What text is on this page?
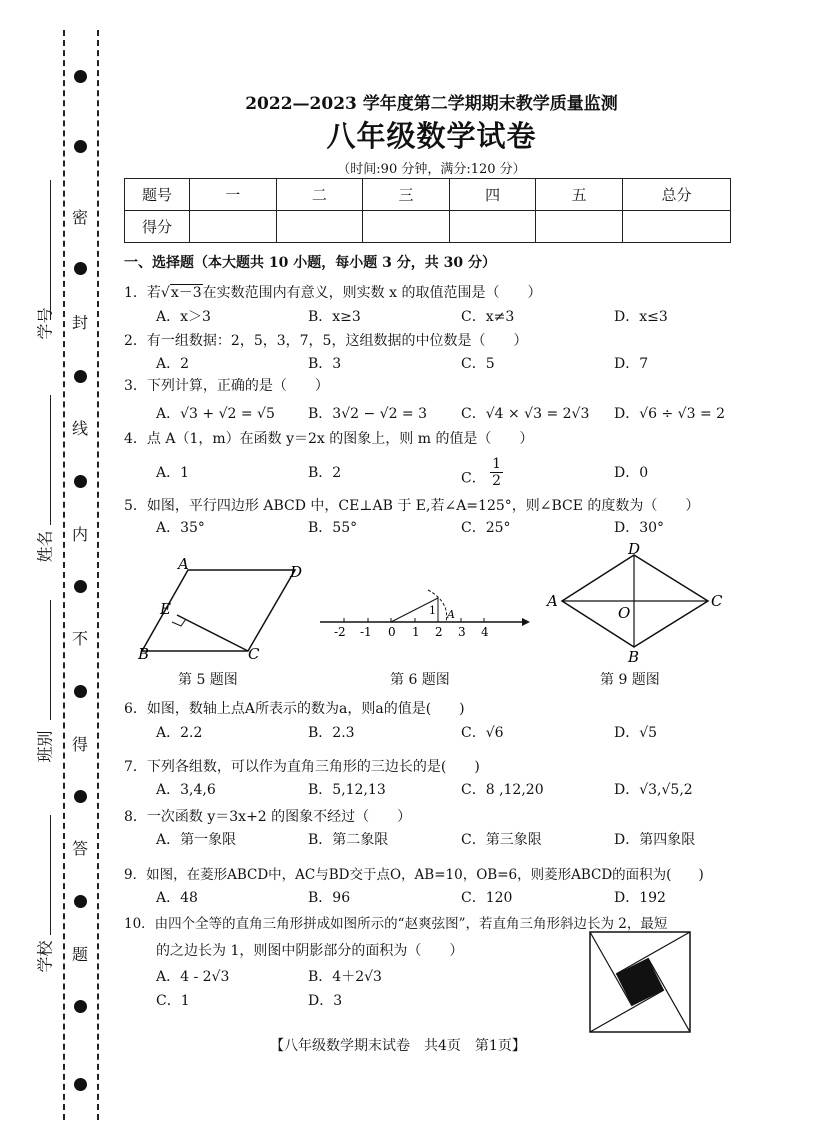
密
封
线
内
不
得
答
题
学号
姓名
班别
学校
2022—2023 学年度第二学期期末教学质量监测
八年级数学试卷
（时间:90 分钟，满分:120 分）
题号	一	二	三	四	五	总分
得分						
一、选择题（本大题共 10 小题，每小题 3 分，共 30 分）
1．若√x－3在实数范围内有意义，则实数 x 的取值范围是（　　）
A．x＞3	B．x≥3	C．x≠3	D．x≤3
2．有一组数据：2，5，3，7，5，这组数据的中位数是（　　）
A．2	B．3	C．5	D．7
3．下列计算，正确的是（　　）
A．√3 + √2 = √5 B．3√2 − √2 = 3 C．√4 × √3 = 2√3 D．√6 ÷ √3 = 2
4．点 A（1，m）在函数 y＝2x 的图象上，则 m 的值是（　　）
A．1	B．2	C． $\frac{1}{2}$	D．0
5．如图，平行四边形 ABCD 中，CE⊥AB 于 E,若∠A=125°，则∠BCE 的度数为（　　）
A．35°	B．55°	C．25°	D．30°
A	D
E
B	C
第 5 题图
-2 -1 0 1 2 3 4
1 A
第 6 题图
D
A
O
C
B
第 9 题图
6．如图，数轴上点A所表示的数为a，则a的值是(　　)
A．2.2	B．2.3	C．√6	D．√5
7．下列各组数，可以作为直角三角形的三边长的是(　　)
A．3,4,6	B．5,12,13	C．8 ,12,20	D．√3,√5,2
8．一次函数 y＝3x+2 的图象不经过（　　）
A．第一象限	B．第二象限	C．第三象限	D．第四象限
9．如图，在菱形ABCD中，AC与BD交于点O，AB=10，OB=6，则菱形ABCD的面积为(　　)
A．48	B．96	C．120	D．192
10．由四个全等的直角三角形拼成如图所示的“赵爽弦图”，若直角三角形斜边长为 2，最短
的之边长为 1，则图中阴影部分的面积为（　　）
A．4 - 2√3	B．4＋2√3
C．1	D．3
【八年级数学期末试卷　共4页　第1页】
